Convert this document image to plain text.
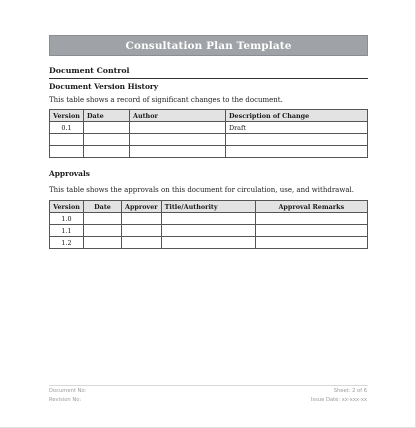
Consultation Plan Template
Document Control
Document Version History
This table shows a record of significant changes to the document.
Version	Date	Author	Description of Change
0.1			Draft

Approvals
This table shows the approvals on this document for circulation, use, and withdrawal.
Version	Date	Approver	Title/Authority	Approval Remarks
1.0				
1.1				
1.2				
Document No:
Revision No:
Sheet: 2 of 6
Issue Date: xx-xxx-xx
